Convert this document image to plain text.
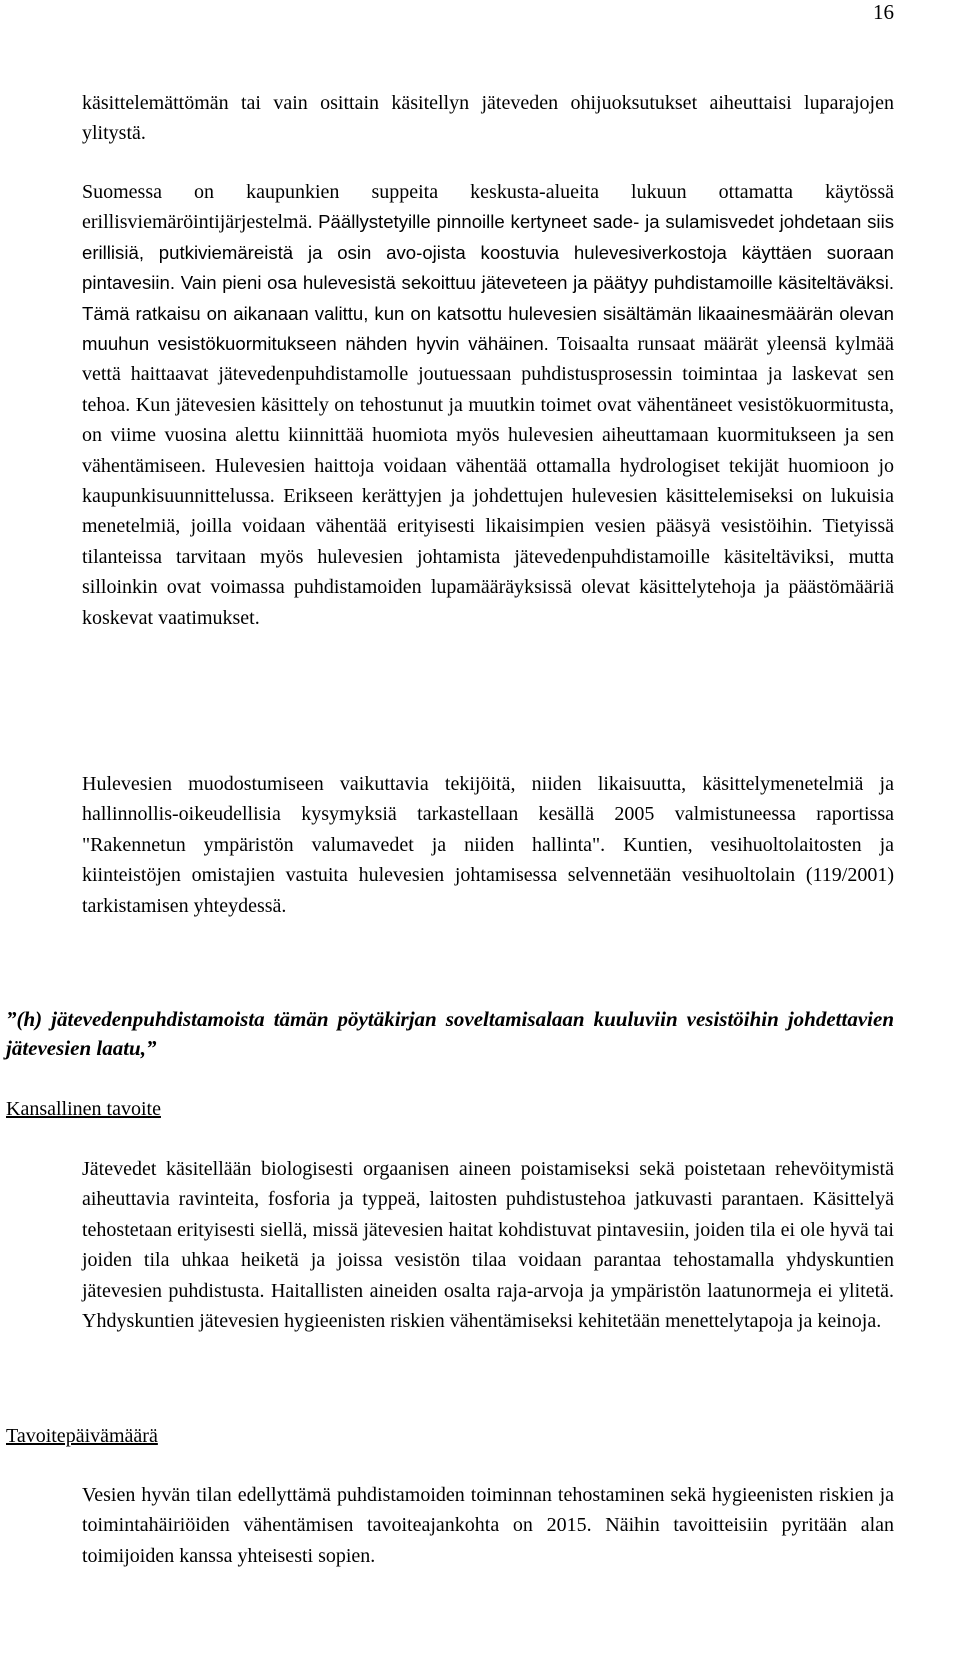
16

käsittelemättömän tai vain osittain käsitellyn jäteveden ohijuoksutukset aiheuttaisi luparajojen ylitystä.

Suomessa on kaupunkien suppeita keskusta-alueita lukuun ottamatta käytössä erillisviemäröintijärjestelmä. Päällystetyille pinnoille kertyneet sade- ja sulamisvedet johdetaan siis erillisiä, putkiviemäreistä ja osin avo-ojista koostuvia hulevesiverkostoja käyttäen suoraan pintavesiin. Vain pieni osa hulevesistä sekoittuu jäteveteen ja päätyy puhdistamoille käsiteltäväksi. Tämä ratkaisu on aikanaan valittu, kun on katsottu hulevesien sisältämän likaainesmäärän olevan muuhun vesistökuormitukseen nähden hyvin vähäinen. Toisaalta runsaat määrät yleensä kylmää vettä haittaavat jätevedenpuhdistamolle joutuessaan puhdistusprosessin toimintaa ja laskevat sen tehoa. Kun jätevesien käsittely on tehostunut ja muutkin toimet ovat vähentäneet vesistökuormitusta, on viime vuosina alettu kiinnittää huomiota myös hulevesien aiheuttamaan kuormitukseen ja sen vähentämiseen. Hulevesien haittoja voidaan vähentää ottamalla hydrologiset tekijät huomioon jo kaupunkisuunnittelussa. Erikseen kerättyjen ja johdettujen hulevesien käsittelemiseksi on lukuisia menetelmiä, joilla voidaan vähentää erityisesti likaisimpien vesien pääsyä vesistöihin. Tietyissä tilanteissa tarvitaan myös hulevesien johtamista jätevedenpuhdistamoille käsiteltäviksi, mutta silloinkin ovat voimassa puhdistamoiden lupamääräyksissä olevat käsittelytehoja ja päästömääriä koskevat vaatimukset.

Hulevesien muodostumiseen vaikuttavia tekijöitä, niiden likaisuutta, käsittelymenetelmiä ja hallinnollis-oikeudellisia kysymyksiä tarkastellaan kesällä 2005 valmistuneessa raportissa "Rakennetun ympäristön valumavedet ja niiden hallinta". Kuntien, vesihuoltolaitosten ja kiinteistöjen omistajien vastuita hulevesien johtamisessa selvennetään vesihuoltolain (119/2001) tarkistamisen yhteydessä.

”(h) jätevedenpuhdistamoista tämän pöytäkirjan soveltamisalaan kuuluviin vesistöihin johdettavien jätevesien laatu,”

Kansallinen tavoite

Jätevedet käsitellään biologisesti orgaanisen aineen poistamiseksi sekä poistetaan rehevöitymistä aiheuttavia ravinteita, fosforia ja typpeä, laitosten puhdistustehoa jatkuvasti parantaen. Käsittelyä tehostetaan erityisesti siellä, missä jätevesien haitat kohdistuvat pintavesiin, joiden tila ei ole hyvä tai joiden tila uhkaa heiketä ja joissa vesistön tilaa voidaan parantaa tehostamalla yhdyskuntien jätevesien puhdistusta. Haitallisten aineiden osalta raja-arvoja ja ympäristön laatunormeja ei ylitetä. Yhdyskuntien jätevesien hygieenisten riskien vähentämiseksi kehitetään menettelytapoja ja keinoja.

Tavoitepäivämäärä

Vesien hyvän tilan edellyttämä puhdistamoiden toiminnan tehostaminen sekä hygieenisten riskien ja toimintahäiriöiden vähentämisen tavoiteajankohta on 2015. Näihin tavoitteisiin pyritään alan toimijoiden kanssa yhteisesti sopien.
